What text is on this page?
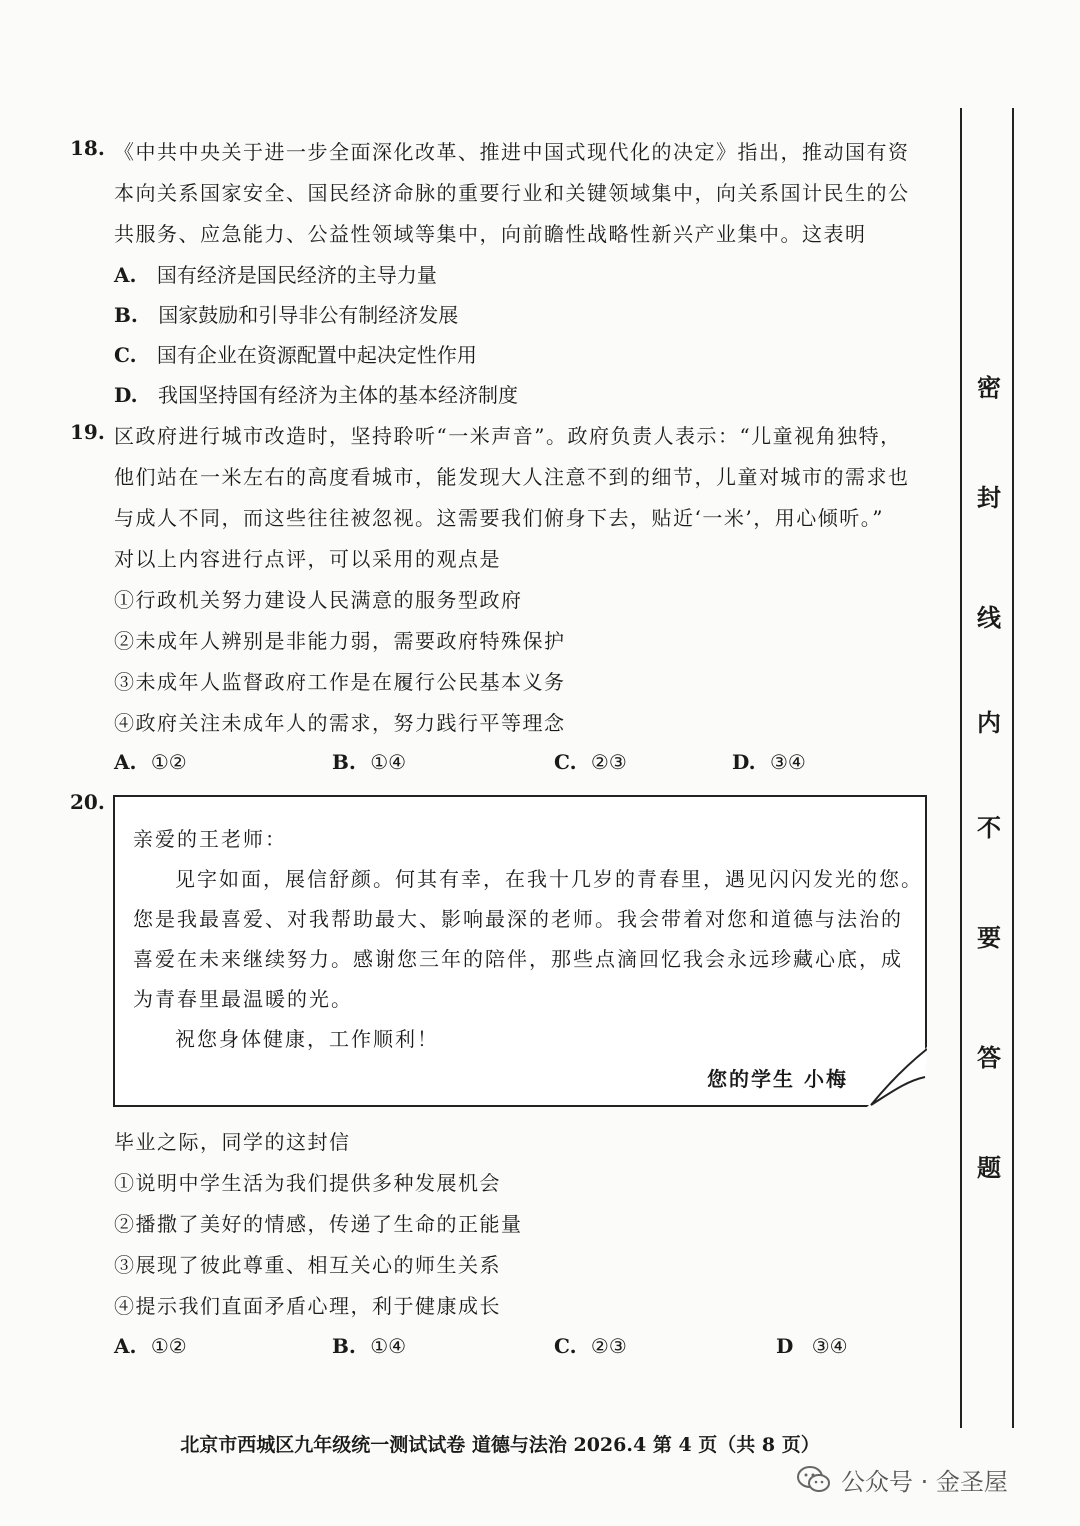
18. 《中共中央关于进一步全面深化改革、推进中国式现代化的决定》指出，推动国有资
本向关系国家安全、国民经济命脉的重要行业和关键领域集中，向关系国计民生的公
共服务、应急能力、公益性领域等集中，向前瞻性战略性新兴产业集中。这表明
A. 国有经济是国民经济的主导力量
B. 国家鼓励和引导非公有制经济发展
C. 国有企业在资源配置中起决定性作用
D. 我国坚持国有经济为主体的基本经济制度
19. 区政府进行城市改造时，坚持聆听“一米声音”。政府负责人表示：“儿童视角独特，
他们站在一米左右的高度看城市，能发现大人注意不到的细节，儿童对城市的需求也
与成人不同，而这些往往被忽视。这需要我们俯身下去，贴近‘一米’，用心倾听。”
对以上内容进行点评，可以采用的观点是
①行政机关努力建设人民满意的服务型政府
②未成年人辨别是非能力弱，需要政府特殊保护
③未成年人监督政府工作是在履行公民基本义务
④政府关注未成年人的需求，努力践行平等理念
A. ①②	B. ①④	C. ②③	D. ③④
20.
亲爱的王老师：
见字如面，展信舒颜。何其有幸，在我十几岁的青春里，遇见闪闪发光的您。
您是我最喜爱、对我帮助最大、影响最深的老师。我会带着对您和道德与法治的
喜爱在未来继续努力。感谢您三年的陪伴，那些点滴回忆我会永远珍藏心底，成
为青春里最温暖的光。
祝您身体健康，工作顺利！
您的学生 小梅
毕业之际，同学的这封信
①说明中学生活为我们提供多种发展机会
②播撒了美好的情感，传递了生命的正能量
③展现了彼此尊重、相互关心的师生关系
④提示我们直面矛盾心理，利于健康成长
A. ①②	B. ①④	C. ②③	D ③④
密
封
线
内
不
要
答
题
北京市西城区九年级统一测试试卷 道德与法治 2026.4 第 4 页（共 8 页）
公众号 · 金圣屋
